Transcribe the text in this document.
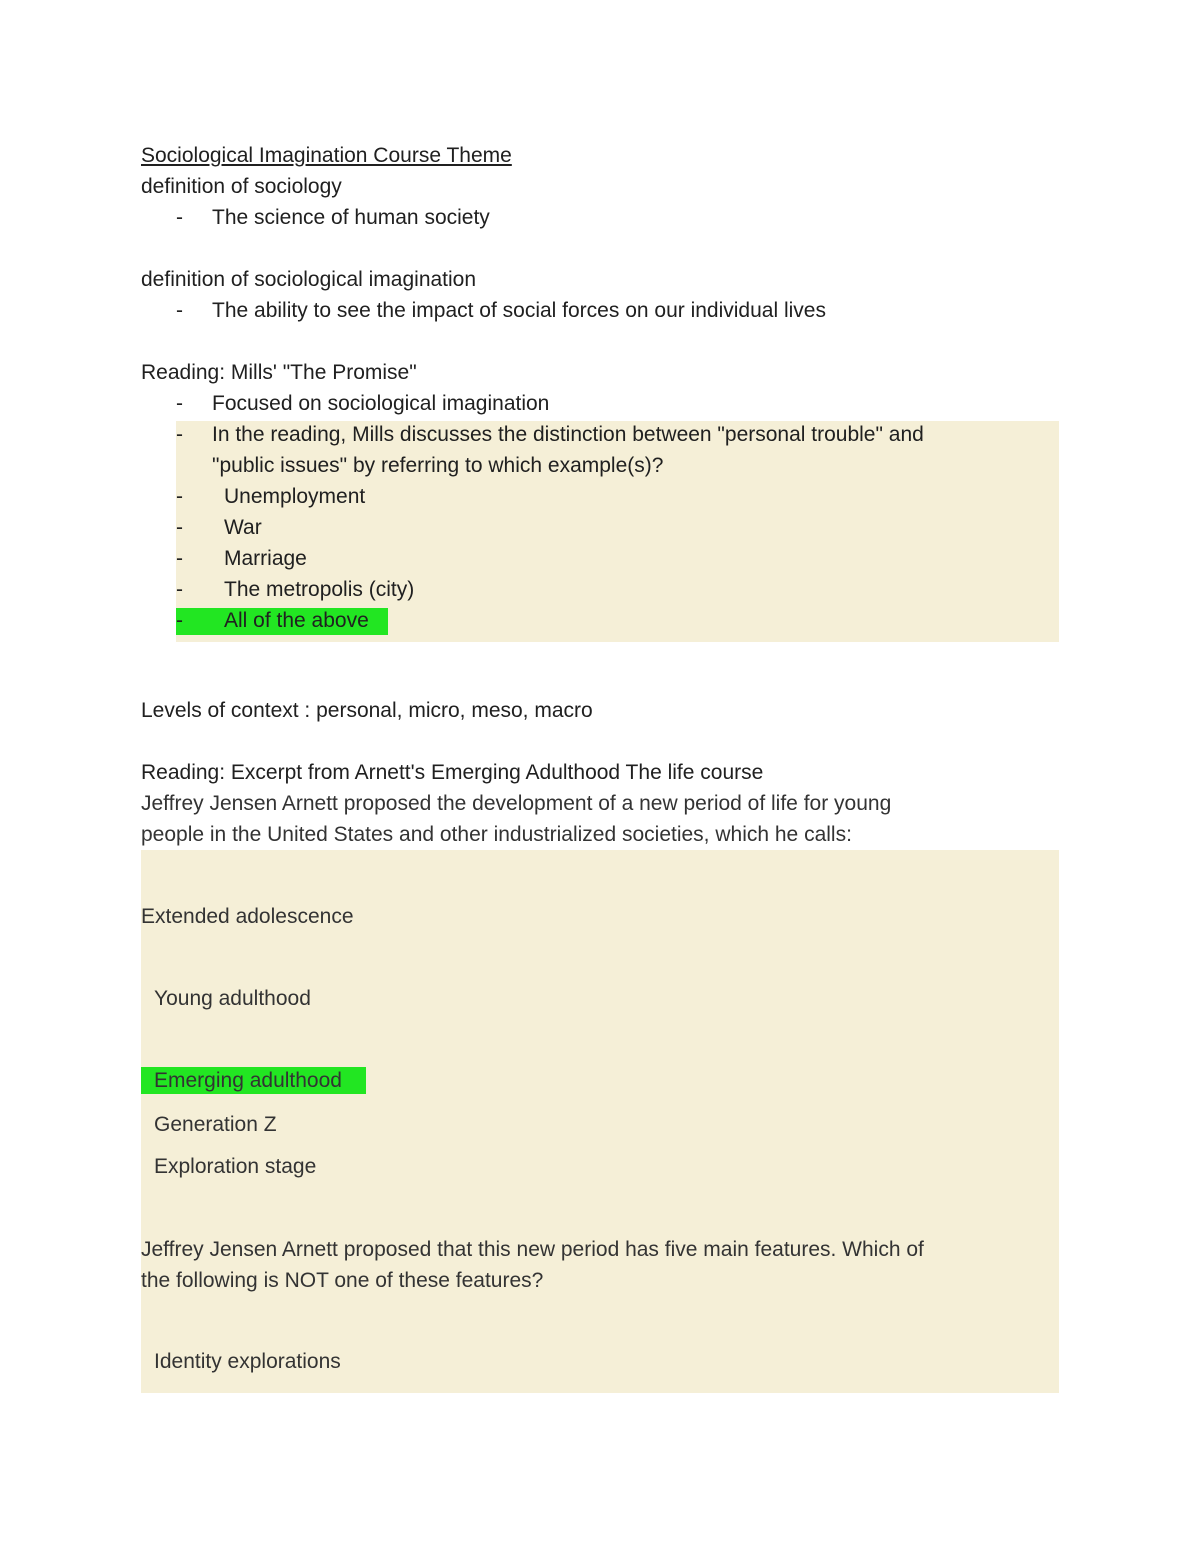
Sociological Imagination Course Theme
definition of sociology
- The science of human society
definition of sociological imagination
- The ability to see the impact of social forces on our individual lives
Reading: Mills' "The Promise"
- Focused on sociological imagination
- In the reading, Mills discusses the distinction between "personal trouble" and
"public issues" by referring to which example(s)?
- Unemployment
- War
- Marriage
- The metropolis (city)
- All of the above
Levels of context : personal, micro, meso, macro
Reading: Excerpt from Arnett's Emerging Adulthood The life course
Jeffrey Jensen Arnett proposed the development of a new period of life for young
people in the United States and other industrialized societies, which he calls:
Extended adolescence
Young adulthood
Emerging adulthood
Generation Z
Exploration stage
Jeffrey Jensen Arnett proposed that this new period has five main features. Which of
the following is NOT one of these features?
Identity explorations
